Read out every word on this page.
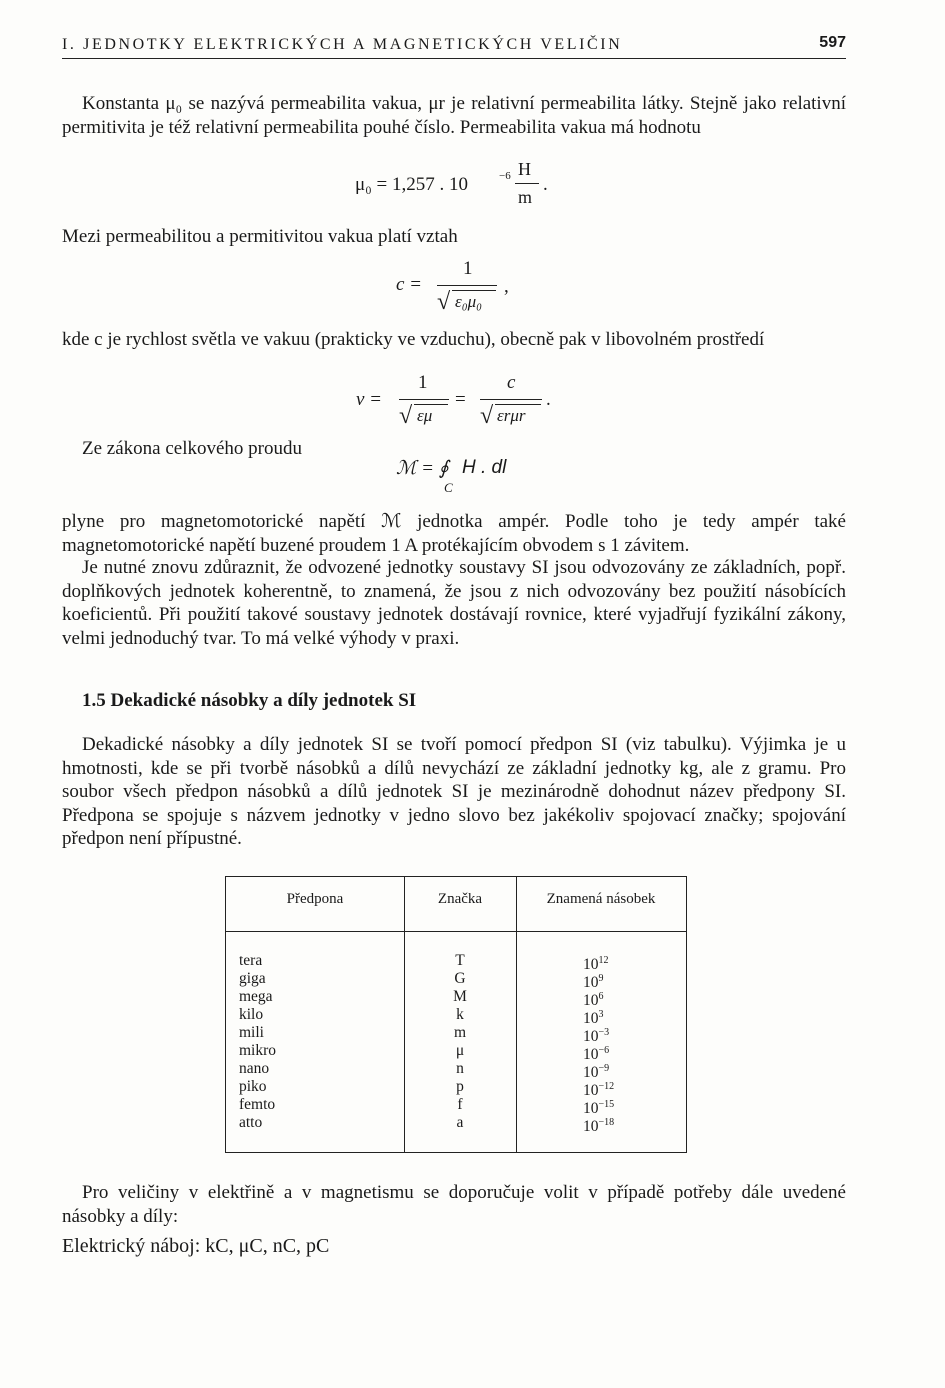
I. JEDNOTKY ELEKTRICKÝCH A MAGNETICKÝCH VELIČIN	597

Konstanta μ₀ se nazývá permeabilita vakua, μr je relativní permeabilita látky. Stejně jako relativní permitivita je též relativní permeabilita pouhé číslo. Permeabilita vakua má hodnotu

μ₀ = 1,257 . 10	−6 H
m
.

Mezi permeabilitou a permitivitou vakua platí vztah

c =
1
√ ε₀μ₀
,

kde c je rychlost světla ve vakuu (prakticky ve vzduchu), obecně pak v libovolném prostředí

v =
1
√ εμ
=
c
√ εrμr
.

Ze zákona celkového proudu

ℳ = ∮ H . dl
C

plyne pro magnetomotorické napětí ℳ jednotka ampér. Podle toho je tedy ampér také magnetomotorické napětí buzené proudem 1 A protékajícím obvodem s 1 závitem.

Je nutné znovu zdůraznit, že odvozené jednotky soustavy SI jsou odvozovány ze základních, popř. doplňkových jednotek koherentně, to znamená, že jsou z nich odvozovány bez použití násobících koeficientů. Při použití takové soustavy jednotek dostávají rovnice, které vyjadřují fyzikální zákony, velmi jednoduchý tvar. To má velké výhody v praxi.

1.5 Dekadické násobky a díly jednotek SI

Dekadické násobky a díly jednotek SI se tvoří pomocí předpon SI (viz tabulku). Výjimka je u hmotnosti, kde se při tvorbě násobků a dílů nevychází ze základní jednotky kg, ale z gramu. Pro soubor všech předpon násobků a dílů jednotek SI je mezinárodně dohodnut název předpony SI. Předpona se spojuje s názvem jednotky v jedno slovo bez jakékoliv spojovací značky; spojování předpon není přípustné.

Předpona	Značka	Znamená násobek
tera	T	$10^{12}$
giga	G	$10^9$
mega	M	$10^6$
kilo	k	$10^3$
mili	m	$10^{-3}$
mikro	μ	$10^{-6}$
nano	n	$10^{-9}$
piko	p	$10^{-12}$
femto	f	$10^{-15}$
atto	a	$10^{-18}$

Pro veličiny v elektřině a v magnetismu se doporučuje volit v případě potřeby dále uvedené násobky a díly:

Elektrický náboj: kC, μC, nC, pC
